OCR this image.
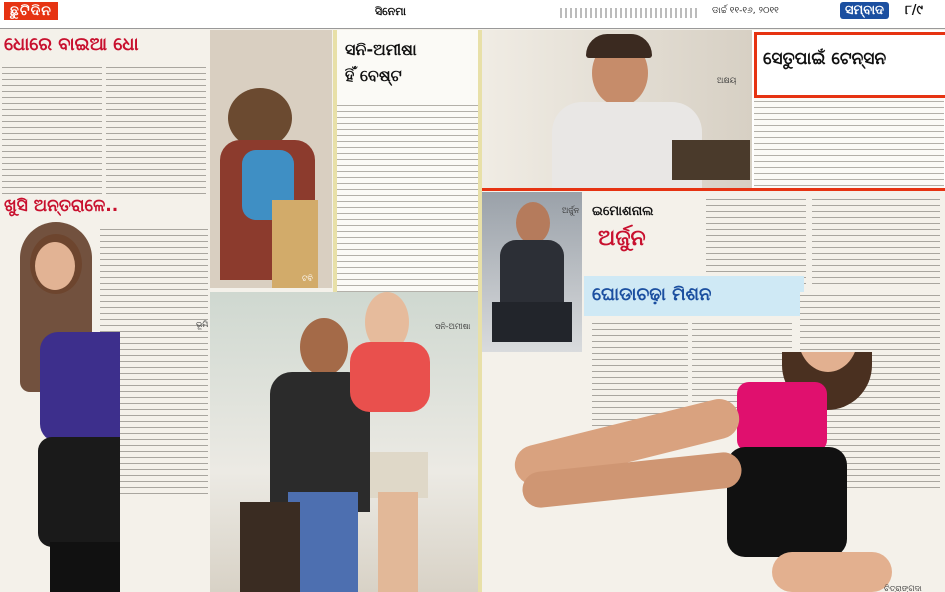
ଛୁଟିଦିନ	ସିନେମା	ଡାର୍ଚ୍ଚ ୧୧-୧୬, ୨୦୧୧	ସମ୍ବାଦ	୮/୯
ଧୋରେ ବାଇଆ ଧୋ
ଟବି
ଖୁସି ଅନ୍ତରାଳେ..
ଭୂମି
ସନି-ଅମୀଷା
ହିଁ ବେଷ୍ଟ
ସନି-ଅମୀଷା
ଅକ୍ଷୟ
ସେତୁପାଇଁ ଟେନ୍‌ସନ
ଅର୍ଜୁନ ଇମୋଶନାଲ
ଅର୍ଜୁନ
ଘୋଡାଚଢ଼ା ମିଶନ
ଚିତ୍ରାଙ୍ଗଦା
